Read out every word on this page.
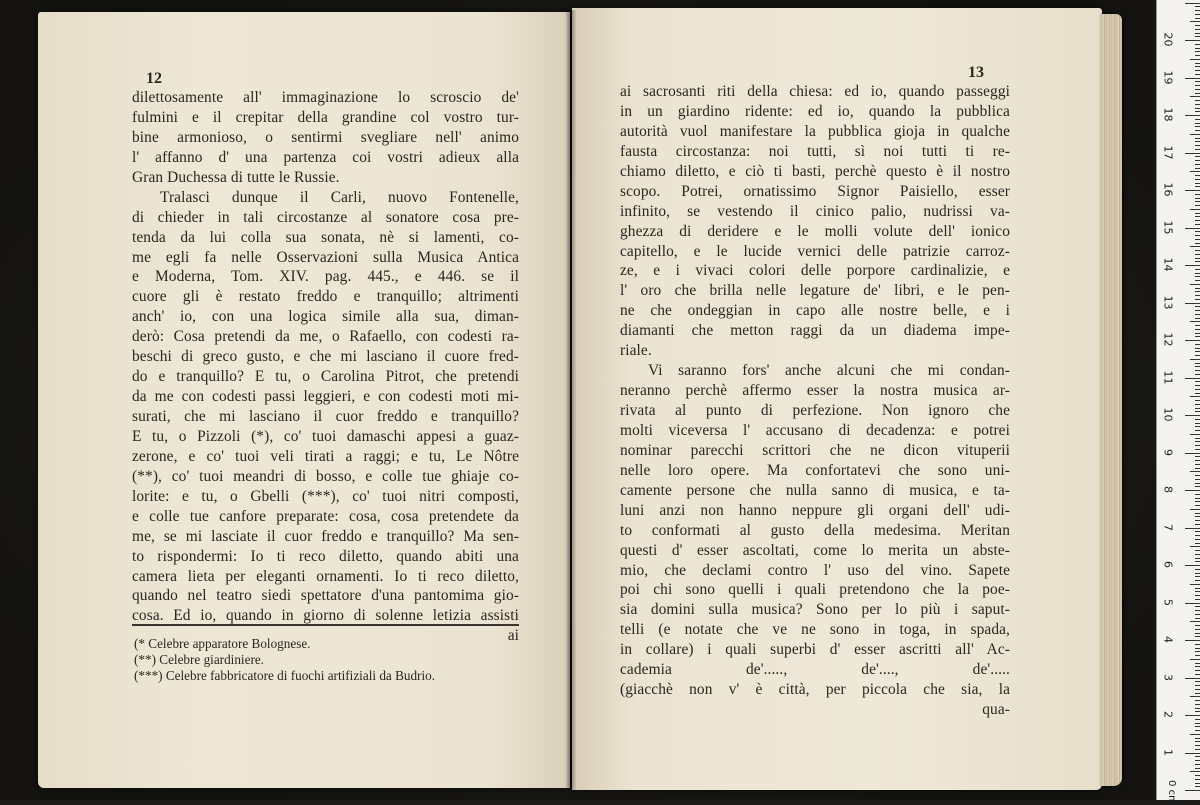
12	13
dilettosamente all' immaginazione lo scroscio de'
fulmini e il crepitar della grandine col vostro tur-
bine armonioso, o sentirmi svegliare nell' animo
l' affanno d' una partenza coi vostri adieux alla
Gran Duchessa di tutte le Russie.
Tralasci dunque il Carli, nuovo Fontenelle,
di chieder in tali circostanze al sonatore cosa pre-
tenda da lui colla sua sonata, nè si lamenti, co-
me egli fa nelle Osservazioni sulla Musica Antica
e Moderna, Tom. XIV. pag. 445., e 446. se il
cuore gli è restato freddo e tranquillo; altrimenti
anch' io, con una logica simile alla sua, diman-
derò: Cosa pretendi da me, o Rafaello, con codesti ra-
beschi di greco gusto, e che mi lasciano il cuore fred-
do e tranquillo? E tu, o Carolina Pitrot, che pretendi
da me con codesti passi leggieri, e con codesti moti mi-
surati, che mi lasciano il cuor freddo e tranquillo?
E tu, o Pizzoli (*), co' tuoi damaschi appesi a guaz-
zerone, e co' tuoi veli tirati a raggi; e tu, Le Nôtre
(**), co' tuoi meandri di bosso, e colle tue ghiaje co-
lorite: e tu, o Gbelli (***), co' tuoi nitri composti,
e colle tue canfore preparate: cosa, cosa pretendete da
me, se mi lasciate il cuor freddo e tranquillo? Ma sen-
to rispondermi: Io ti reco diletto, quando abiti una
camera lieta per eleganti ornamenti. Io ti reco diletto,
quando nel teatro siedi spettatore d'una pantomima gio-
cosa. Ed io, quando in giorno di solenne letizia assisti
ai
ai sacrosanti riti della chiesa: ed io, quando passeggi
in un giardino ridente: ed io, quando la pubblica
autorità vuol manifestare la pubblica gioja in qualche
fausta circostanza: noi tutti, sì noi tutti ti re-
chiamo diletto, e ciò ti basti, perchè questo è il nostro
scopo. Potrei, ornatissimo Signor Paisiello, esser
infinito, se vestendo il cinico palio, nudrissi va-
ghezza di deridere e le molli volute dell' ionico
capitello, e le lucide vernici delle patrizie carroz-
ze, e i vivaci colori delle porpore cardinalizie, e
l' oro che brilla nelle legature de' libri, e le pen-
ne che ondeggian in capo alle nostre belle, e i
diamanti che metton raggi da un diadema impe-
riale.
Vi saranno fors' anche alcuni che mi condan-
neranno perchè affermo esser la nostra musica ar-
rivata al punto di perfezione. Non ignoro che
molti viceversa l' accusano di decadenza: e potrei
nominar parecchi scrittori che ne dicon vituperii
nelle loro opere. Ma confortatevi che sono uni-
camente persone che nulla sanno di musica, e ta-
luni anzi non hanno neppure gli organi dell' udi-
to conformati al gusto della medesima. Meritan
questi d' esser ascoltati, come lo merita un abste-
mio, che declami contro l' uso del vino. Sapete
poi chi sono quelli i quali pretendono che la poe-
sia domini sulla musica? Sono per lo più i saput-
telli (e notate che ve ne sono in toga, in spada,
in collare) i quali superbi d' esser ascritti all' Ac-
cademia de'....., de'...., de'.....
(giacchè non v' è città, per piccola che sia, la
qua-
(* Celebre apparatore Bolognese.
(**) Celebre giardiniere.
(***) Celebre fabbricatore di fuochi artifiziali da Budrio.
0 cm
1
2
3
4
5
6
7
8
9
10
11
12
13
14
15
16
17
18
19
20
